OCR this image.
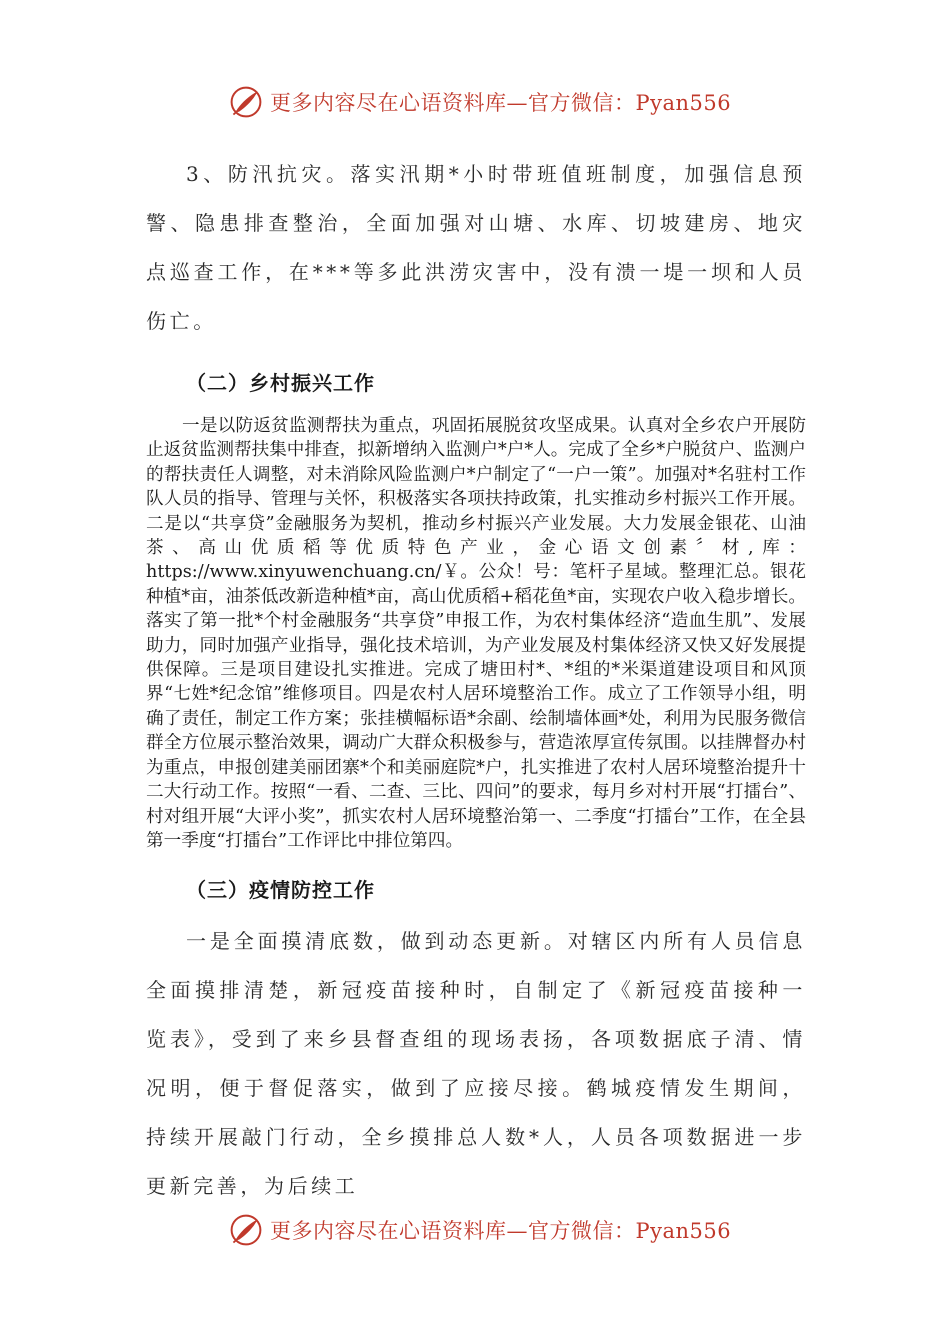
更多内容尽在心语资料库—官方微信：Pyan556

3、防汛抗灾。落实汛期*小时带班值班制度，加强信息预警、隐患排查整治，全面加强对山塘、水库、切坡建房、地灾点巡查工作，在***等多此洪涝灾害中，没有溃一堤一坝和人员伤亡。

（二）乡村振兴工作

一是以防返贫监测帮扶为重点，巩固拓展脱贫攻坚成果。认真对全乡农户开展防止返贫监测帮扶集中排查，拟新增纳入监测户*户*人。完成了全乡*户脱贫户、监测户的帮扶责任人调整，对未消除风险监测户*户制定了“一户一策”。加强对*名驻村工作队人员的指导、管理与关怀，积极落实各项扶持政策，扎实推动乡村振兴工作开展。二是以“共享贷”金融服务为契机，推动乡村振兴产业发展。大力发展金银花、山油茶、高山优质稻等优质特色产业，金心语文创素〞材,库：https://www.xinyuwenchuang.cn/￥。公众！号：笔杆子星域。整理汇总。银花种植*亩，油茶低改新造种植*亩，高山优质稻+稻花鱼*亩，实现农户收入稳步增长。落实了第一批*个村金融服务“共享贷”申报工作，为农村集体经济“造血生肌”、发展助力，同时加强产业指导，强化技术培训，为产业发展及村集体经济又快又好发展提供保障。三是项目建设扎实推进。完成了塘田村*、*组的*米渠道建设项目和风顶界“七姓*纪念馆”维修项目。四是农村人居环境整治工作。成立了工作领导小组，明确了责任，制定工作方案；张挂横幅标语*余副、绘制墙体画*处，利用为民服务微信群全方位展示整治效果，调动广大群众积极参与，营造浓厚宣传氛围。以挂牌督办村为重点，申报创建美丽团寨*个和美丽庭院*户，扎实推进了农村人居环境整治提升十二大行动工作。按照“一看、二查、三比、四问”的要求，每月乡对村开展“打擂台”、村对组开展“大评小奖”，抓实农村人居环境整治第一、二季度“打擂台”工作，在全县第一季度“打擂台”工作评比中排位第四。

（三）疫情防控工作

一是全面摸清底数，做到动态更新。对辖区内所有人员信息全面摸排清楚，新冠疫苗接种时，自制定了《新冠疫苗接种一览表》，受到了来乡县督查组的现场表扬，各项数据底子清、情况明，便于督促落实，做到了应接尽接。鹤城疫情发生期间，持续开展敲门行动，全乡摸排总人数*人，人员各项数据进一步更新完善，为后续工

更多内容尽在心语资料库—官方微信：Pyan556
